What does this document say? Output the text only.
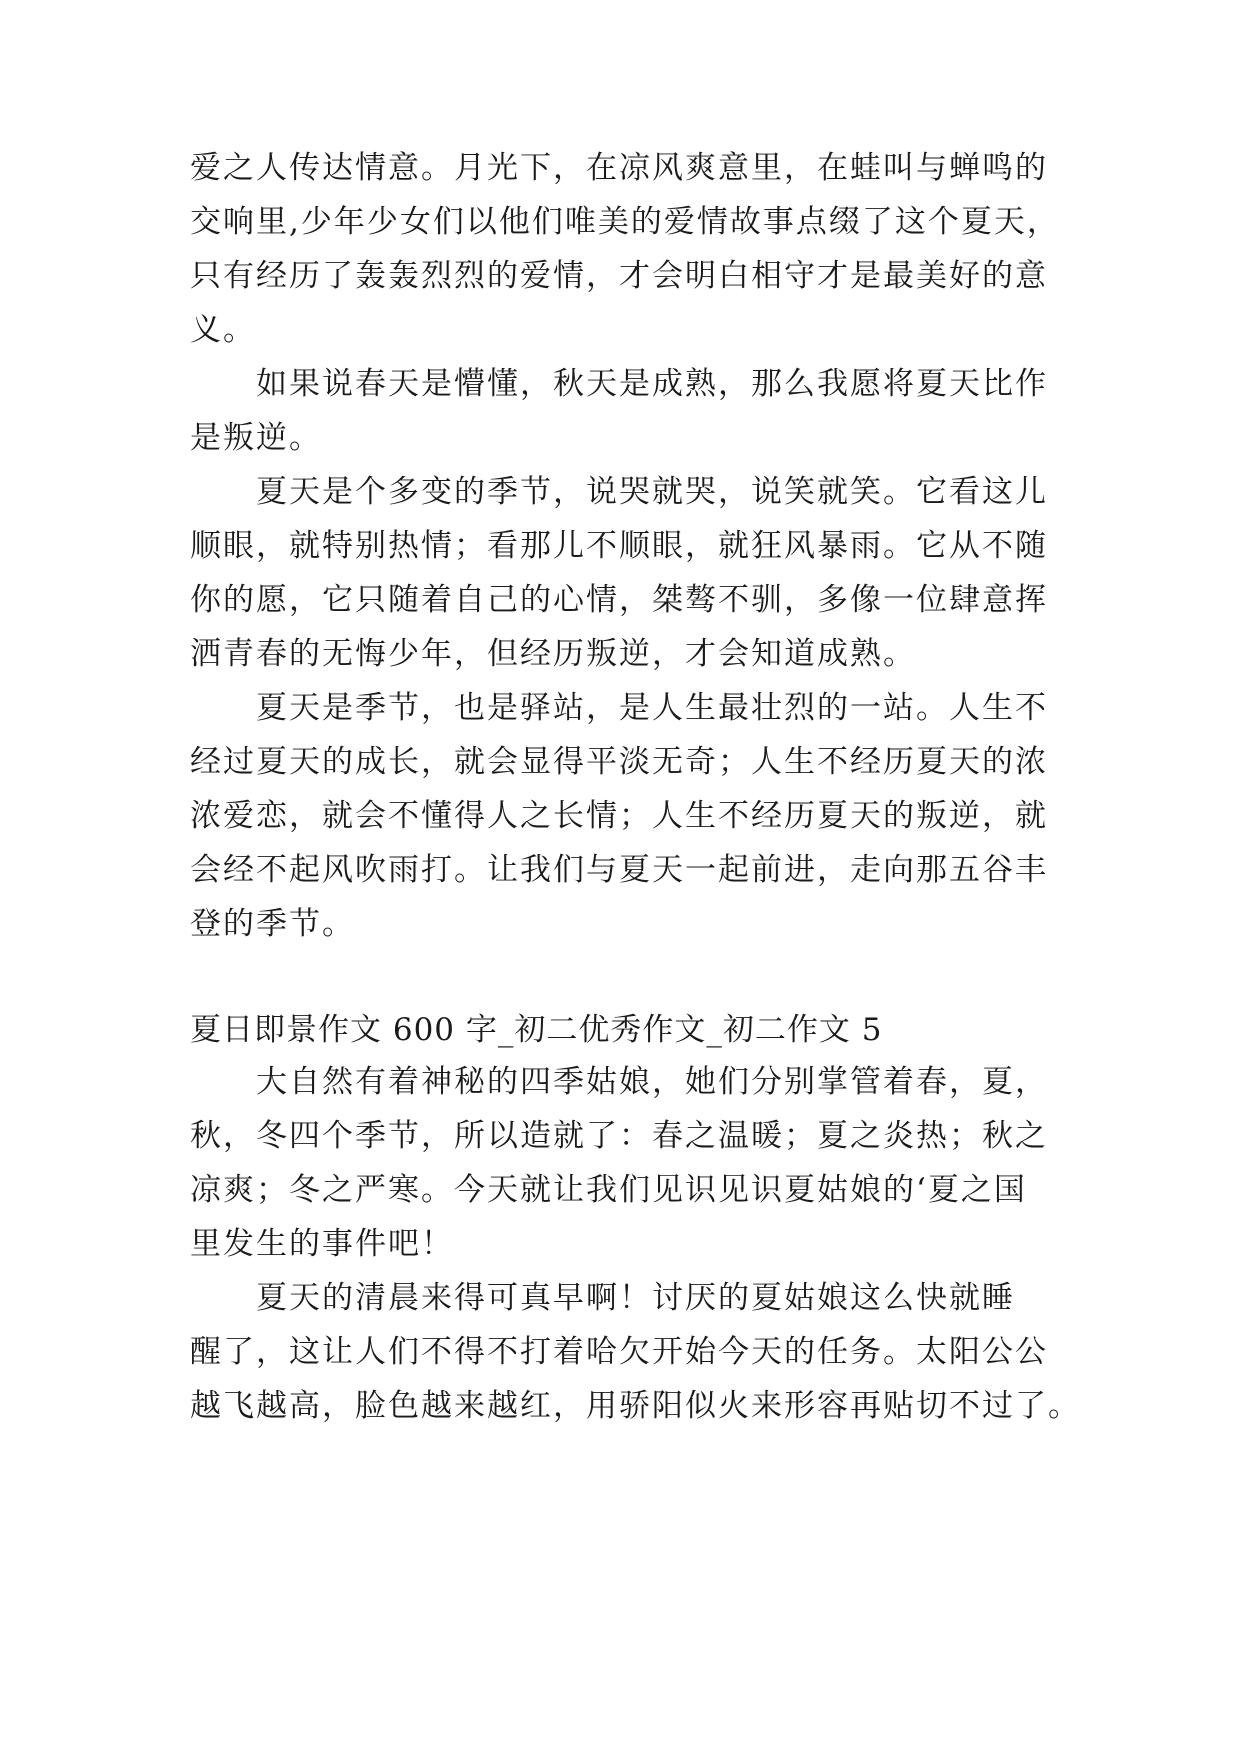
爱之人传达情意。月光下，在凉风爽意里，在蛙叫与蝉鸣的
交响里,少年少女们以他们唯美的爱情故事点缀了这个夏天，
只有经历了轰轰烈烈的爱情，才会明白相守才是最美好的意
义。
如果说春天是懵懂，秋天是成熟，那么我愿将夏天比作
是叛逆。
夏天是个多变的季节，说哭就哭，说笑就笑。它看这儿
顺眼，就特别热情；看那儿不顺眼，就狂风暴雨。它从不随
你的愿，它只随着自己的心情，桀骜不驯，多像一位肆意挥
洒青春的无悔少年，但经历叛逆，才会知道成熟。
夏天是季节，也是驿站，是人生最壮烈的一站。人生不
经过夏天的成长，就会显得平淡无奇；人生不经历夏天的浓
浓爱恋，就会不懂得人之长情；人生不经历夏天的叛逆，就
会经不起风吹雨打。让我们与夏天一起前进，走向那五谷丰
登的季节。
夏日即景作文 600 字_初二优秀作文_初二作文 5
大自然有着神秘的四季姑娘，她们分别掌管着春，夏，
秋，冬四个季节，所以造就了：春之温暖；夏之炎热；秋之
凉爽；冬之严寒。今天就让我们见识见识夏姑娘的‘夏之国
里发生的事件吧！
夏天的清晨来得可真早啊！讨厌的夏姑娘这么快就睡
醒了，这让人们不得不打着哈欠开始今天的任务。太阳公公
越飞越高，脸色越来越红，用骄阳似火来形容再贴切不过了。
